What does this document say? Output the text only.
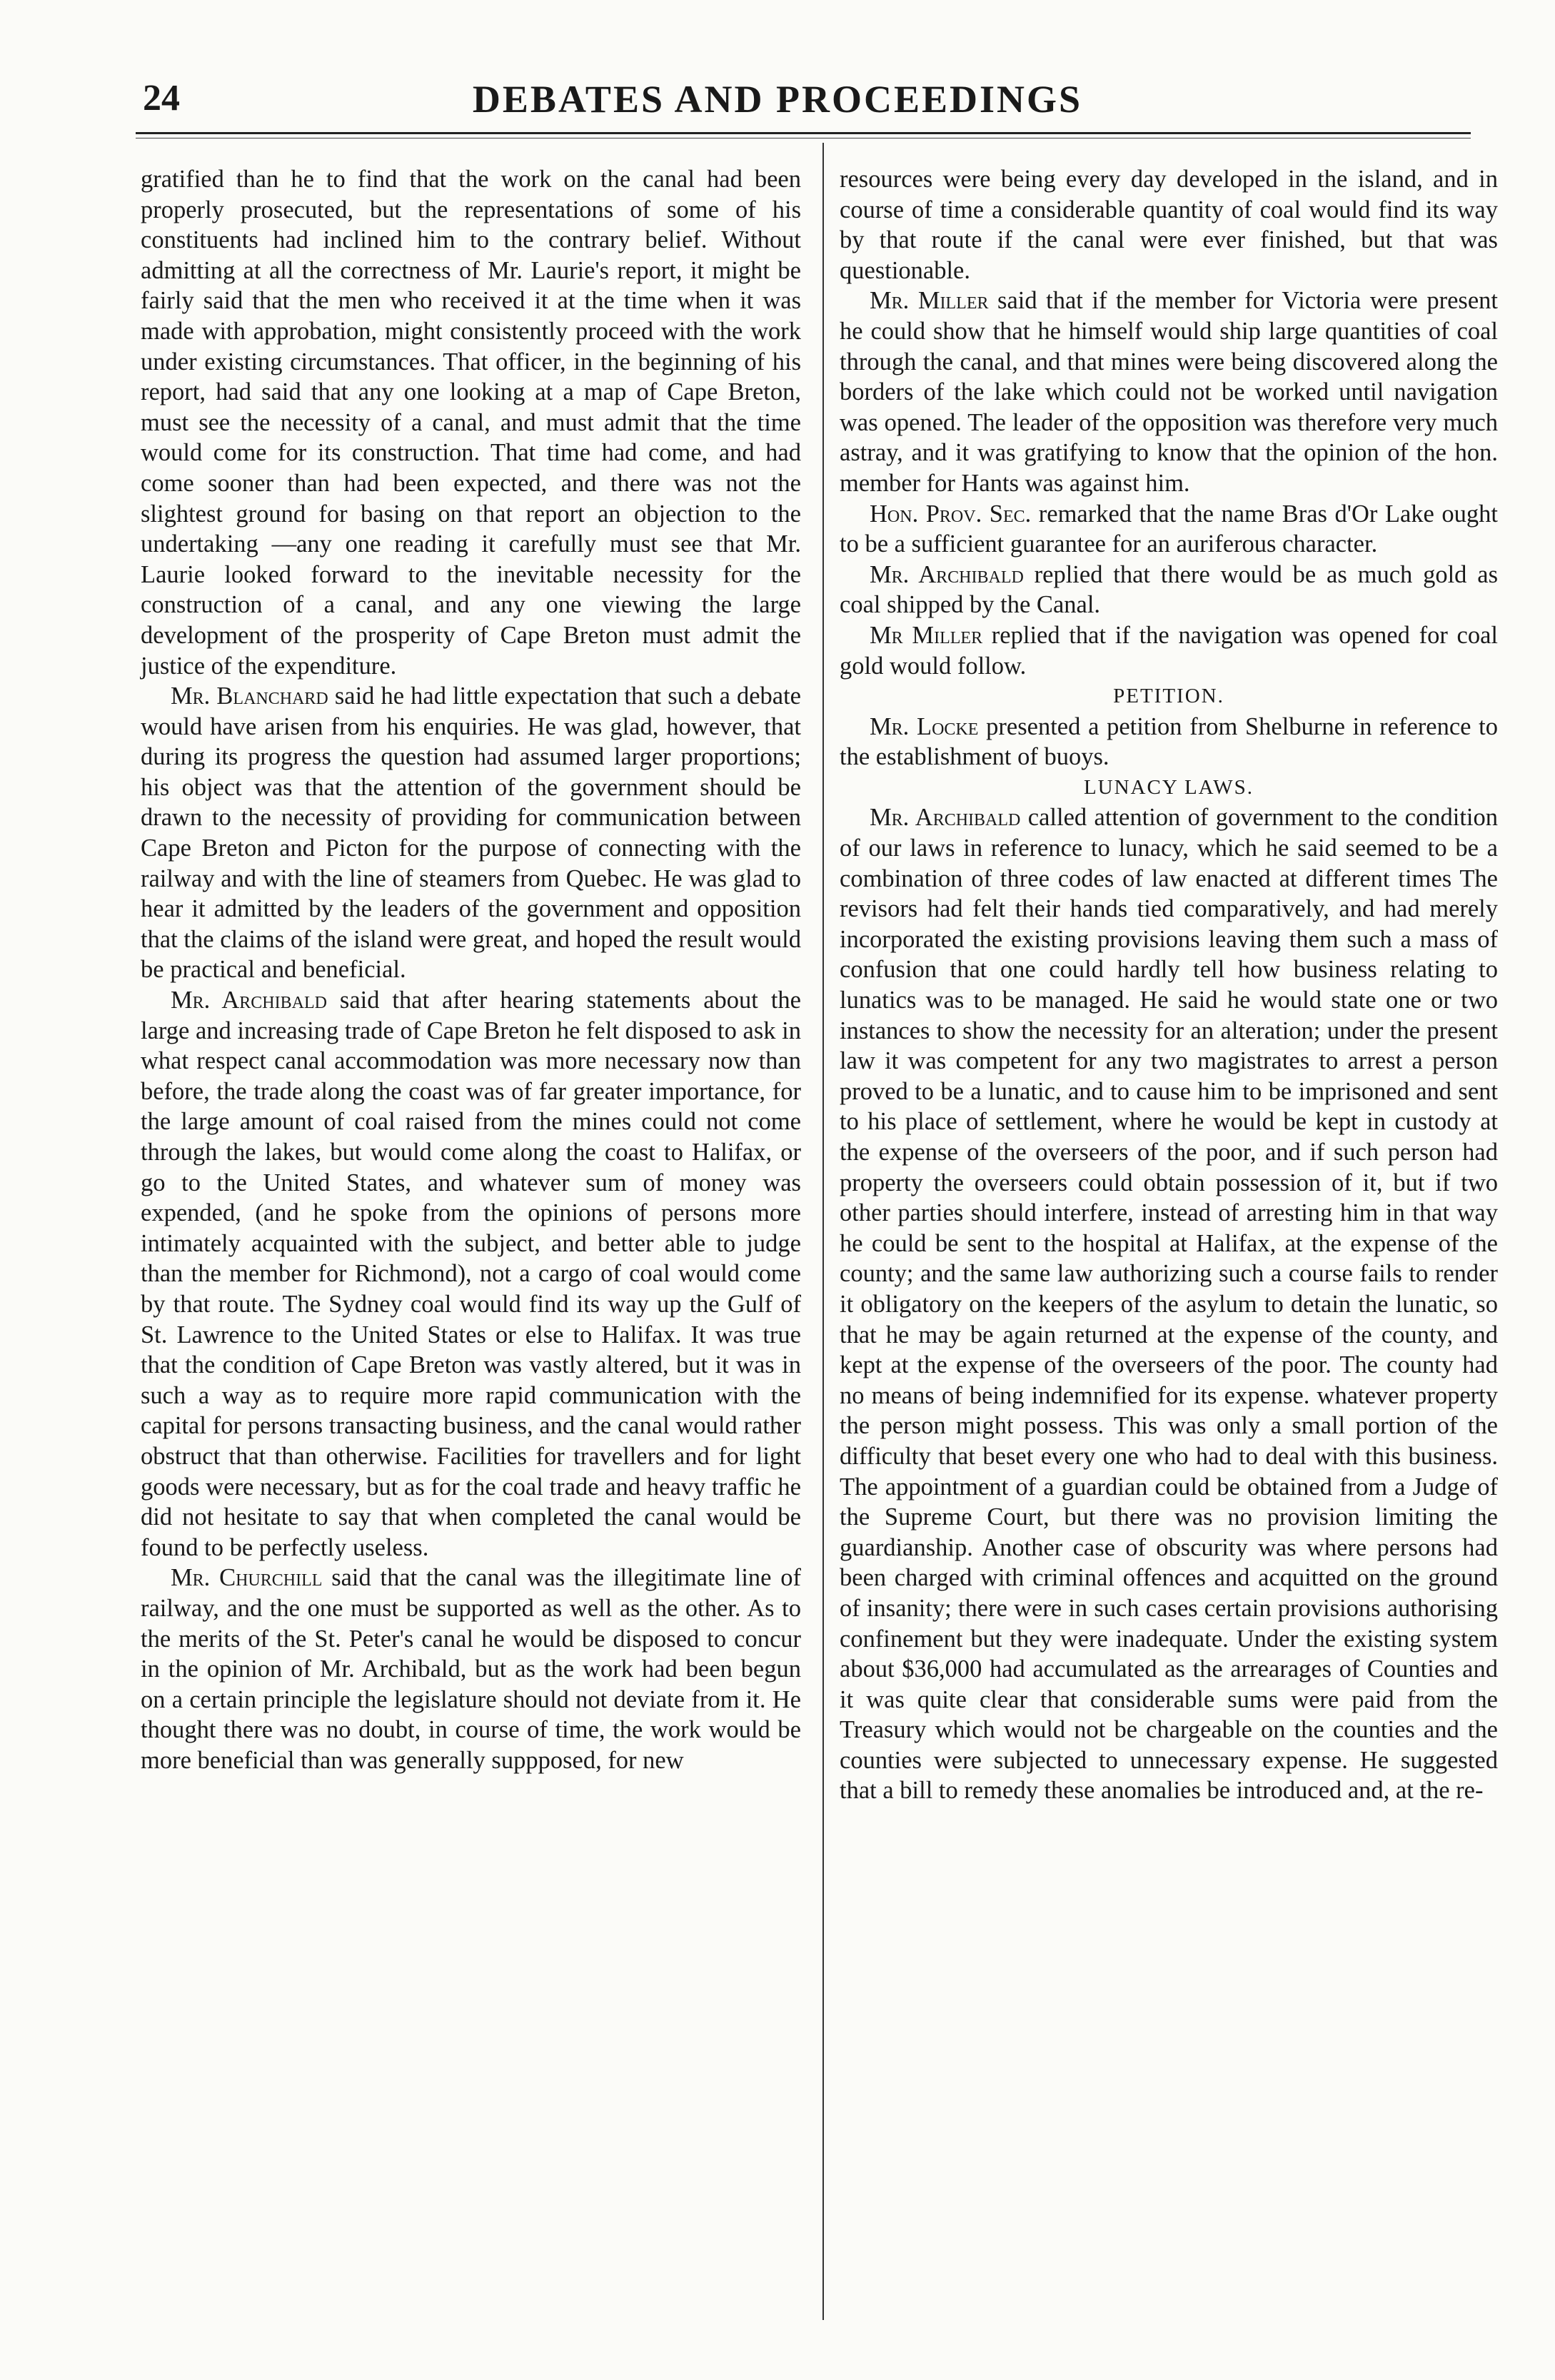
24	DEBATES AND PROCEEDINGS

gratified than he to find that the work on the canal had been properly prosecuted, but the representations of some of his constituents had inclined him to the contrary belief. Without admitting at all the correctness of Mr. Laurie's report, it might be fairly said that the men who received it at the time when it was made with approbation, might consistently proceed with the work under existing circumstances. That officer, in the beginning of his report, had said that any one looking at a map of Cape Breton, must see the necessity of a canal, and must admit that the time would come for its construction. That time had come, and had come sooner than had been expected, and there was not the slightest ground for basing on that report an objection to the undertaking —any one reading it carefully must see that Mr. Laurie looked forward to the inevitable necessity for the construction of a canal, and any one viewing the large development of the prosperity of Cape Breton must admit the justice of the expenditure.

Mr. Blanchard said he had little expectation that such a debate would have arisen from his enquiries. He was glad, however, that during its progress the question had assumed larger proportions; his object was that the attention of the government should be drawn to the necessity of providing for communication between Cape Breton and Picton for the purpose of connecting with the railway and with the line of steamers from Quebec. He was glad to hear it admitted by the leaders of the government and opposition that the claims of the island were great, and hoped the result would be practical and beneficial.

Mr. Archibald said that after hearing statements about the large and increasing trade of Cape Breton he felt disposed to ask in what respect canal accommodation was more necessary now than before, the trade along the coast was of far greater importance, for the large amount of coal raised from the mines could not come through the lakes, but would come along the coast to Halifax, or go to the United States, and whatever sum of money was expended, (and he spoke from the opinions of persons more intimately acquainted with the subject, and better able to judge than the member for Richmond), not a cargo of coal would come by that route. The Sydney coal would find its way up the Gulf of St. Lawrence to the United States or else to Halifax. It was true that the condition of Cape Breton was vastly altered, but it was in such a way as to require more rapid communication with the capital for persons transacting business, and the canal would rather obstruct that than otherwise. Facilities for travellers and for light goods were necessary, but as for the coal trade and heavy traffic he did not hesitate to say that when completed the canal would be found to be perfectly useless.

Mr. Churchill said that the canal was the illegitimate line of railway, and the one must be supported as well as the other. As to the merits of the St. Peter's canal he would be disposed to concur in the opinion of Mr. Archibald, but as the work had been begun on a certain principle the legislature should not deviate from it. He thought there was no doubt, in course of time, the work would be more beneficial than was generally suppposed, for new

resources were being every day developed in the island, and in course of time a considerable quantity of coal would find its way by that route if the canal were ever finished, but that was questionable.

Mr. Miller said that if the member for Victoria were present he could show that he himself would ship large quantities of coal through the canal, and that mines were being discovered along the borders of the lake which could not be worked until navigation was opened. The leader of the opposition was therefore very much astray, and it was gratifying to know that the opinion of the hon. member for Hants was against him.

Hon. Prov. Sec. remarked that the name Bras d'Or Lake ought to be a sufficient guarantee for an auriferous character.

Mr. Archibald replied that there would be as much gold as coal shipped by the Canal.

Mr Miller replied that if the navigation was opened for coal gold would follow.

PETITION.

Mr. Locke presented a petition from Shelburne in reference to the establishment of buoys.

LUNACY LAWS.

Mr. Archibald called attention of government to the condition of our laws in reference to lunacy, which he said seemed to be a combination of three codes of law enacted at different times The revisors had felt their hands tied comparatively, and had merely incorporated the existing provisions leaving them such a mass of confusion that one could hardly tell how business relating to lunatics was to be managed. He said he would state one or two instances to show the necessity for an alteration; under the present law it was competent for any two magistrates to arrest a person proved to be a lunatic, and to cause him to be imprisoned and sent to his place of settlement, where he would be kept in custody at the expense of the overseers of the poor, and if such person had property the overseers could obtain possession of it, but if two other parties should interfere, instead of arresting him in that way he could be sent to the hospital at Halifax, at the expense of the county; and the same law authorizing such a course fails to render it obligatory on the keepers of the asylum to detain the lunatic, so that he may be again returned at the expense of the county, and kept at the expense of the overseers of the poor. The county had no means of being indemnified for its expense. whatever property the person might possess. This was only a small portion of the difficulty that beset every one who had to deal with this business. The appointment of a guardian could be obtained from a Judge of the Supreme Court, but there was no provision limiting the guardianship. Another case of obscurity was where persons had been charged with criminal offences and acquitted on the ground of insanity; there were in such cases certain provisions authorising confinement but they were inadequate. Under the existing system about $36,000 had accumulated as the arrearages of Counties and it was quite clear that considerable sums were paid from the Treasury which would not be chargeable on the counties and the counties were subjected to unnecessary expense. He suggested that a bill to remedy these anomalies be introduced and, at the re-
